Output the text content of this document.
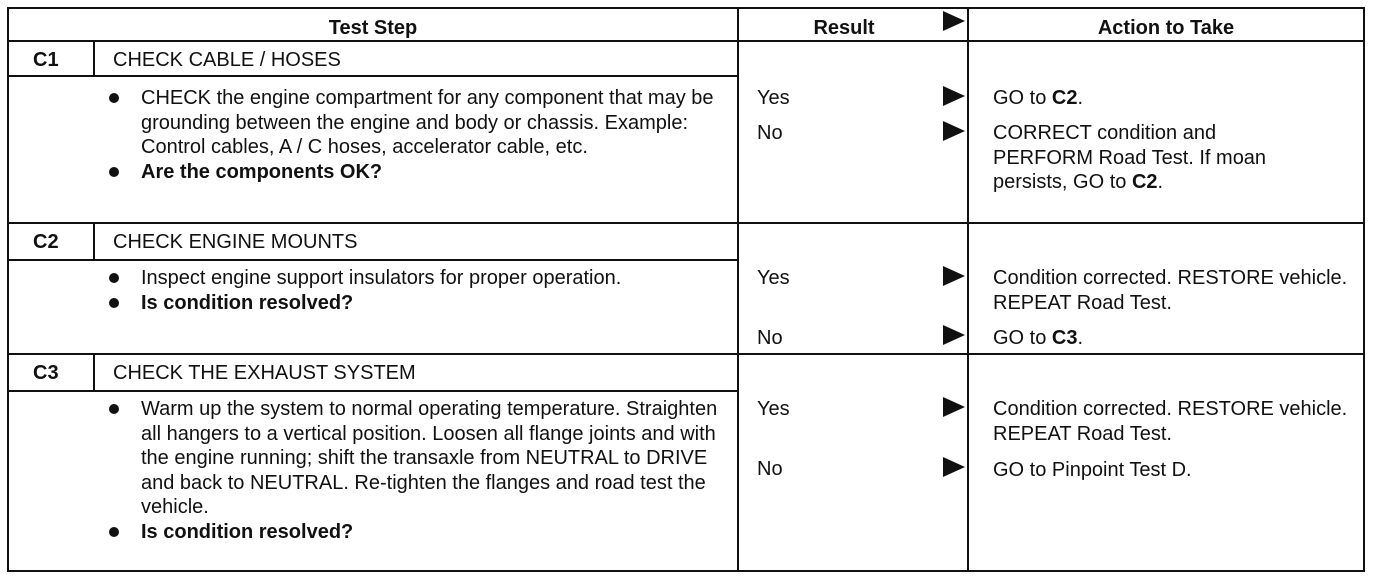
Test Step	Result	Action to Take
C1	CHECK CABLE / HOSES
CHECK the engine compartment for any component that may be grounding between the engine and body or chassis. Example: Control cables, A / C hoses, accelerator cable, etc.
Are the components OK?
Yes	GO to C2.
No	CORRECT condition and PERFORM Road Test. If moan persists, GO to C2.
C2	CHECK ENGINE MOUNTS
Inspect engine support insulators for proper operation.
Is condition resolved?
Yes	Condition corrected. RESTORE vehicle. REPEAT Road Test.
No	GO to C3.
C3	CHECK THE EXHAUST SYSTEM
Warm up the system to normal operating temperature. Straighten all hangers to a vertical position. Loosen all flange joints and with the engine running; shift the transaxle from NEUTRAL to DRIVE and back to NEUTRAL. Re-tighten the flanges and road test the vehicle.
Is condition resolved?
Yes	Condition corrected. RESTORE vehicle. REPEAT Road Test.
No	GO to Pinpoint Test D.
